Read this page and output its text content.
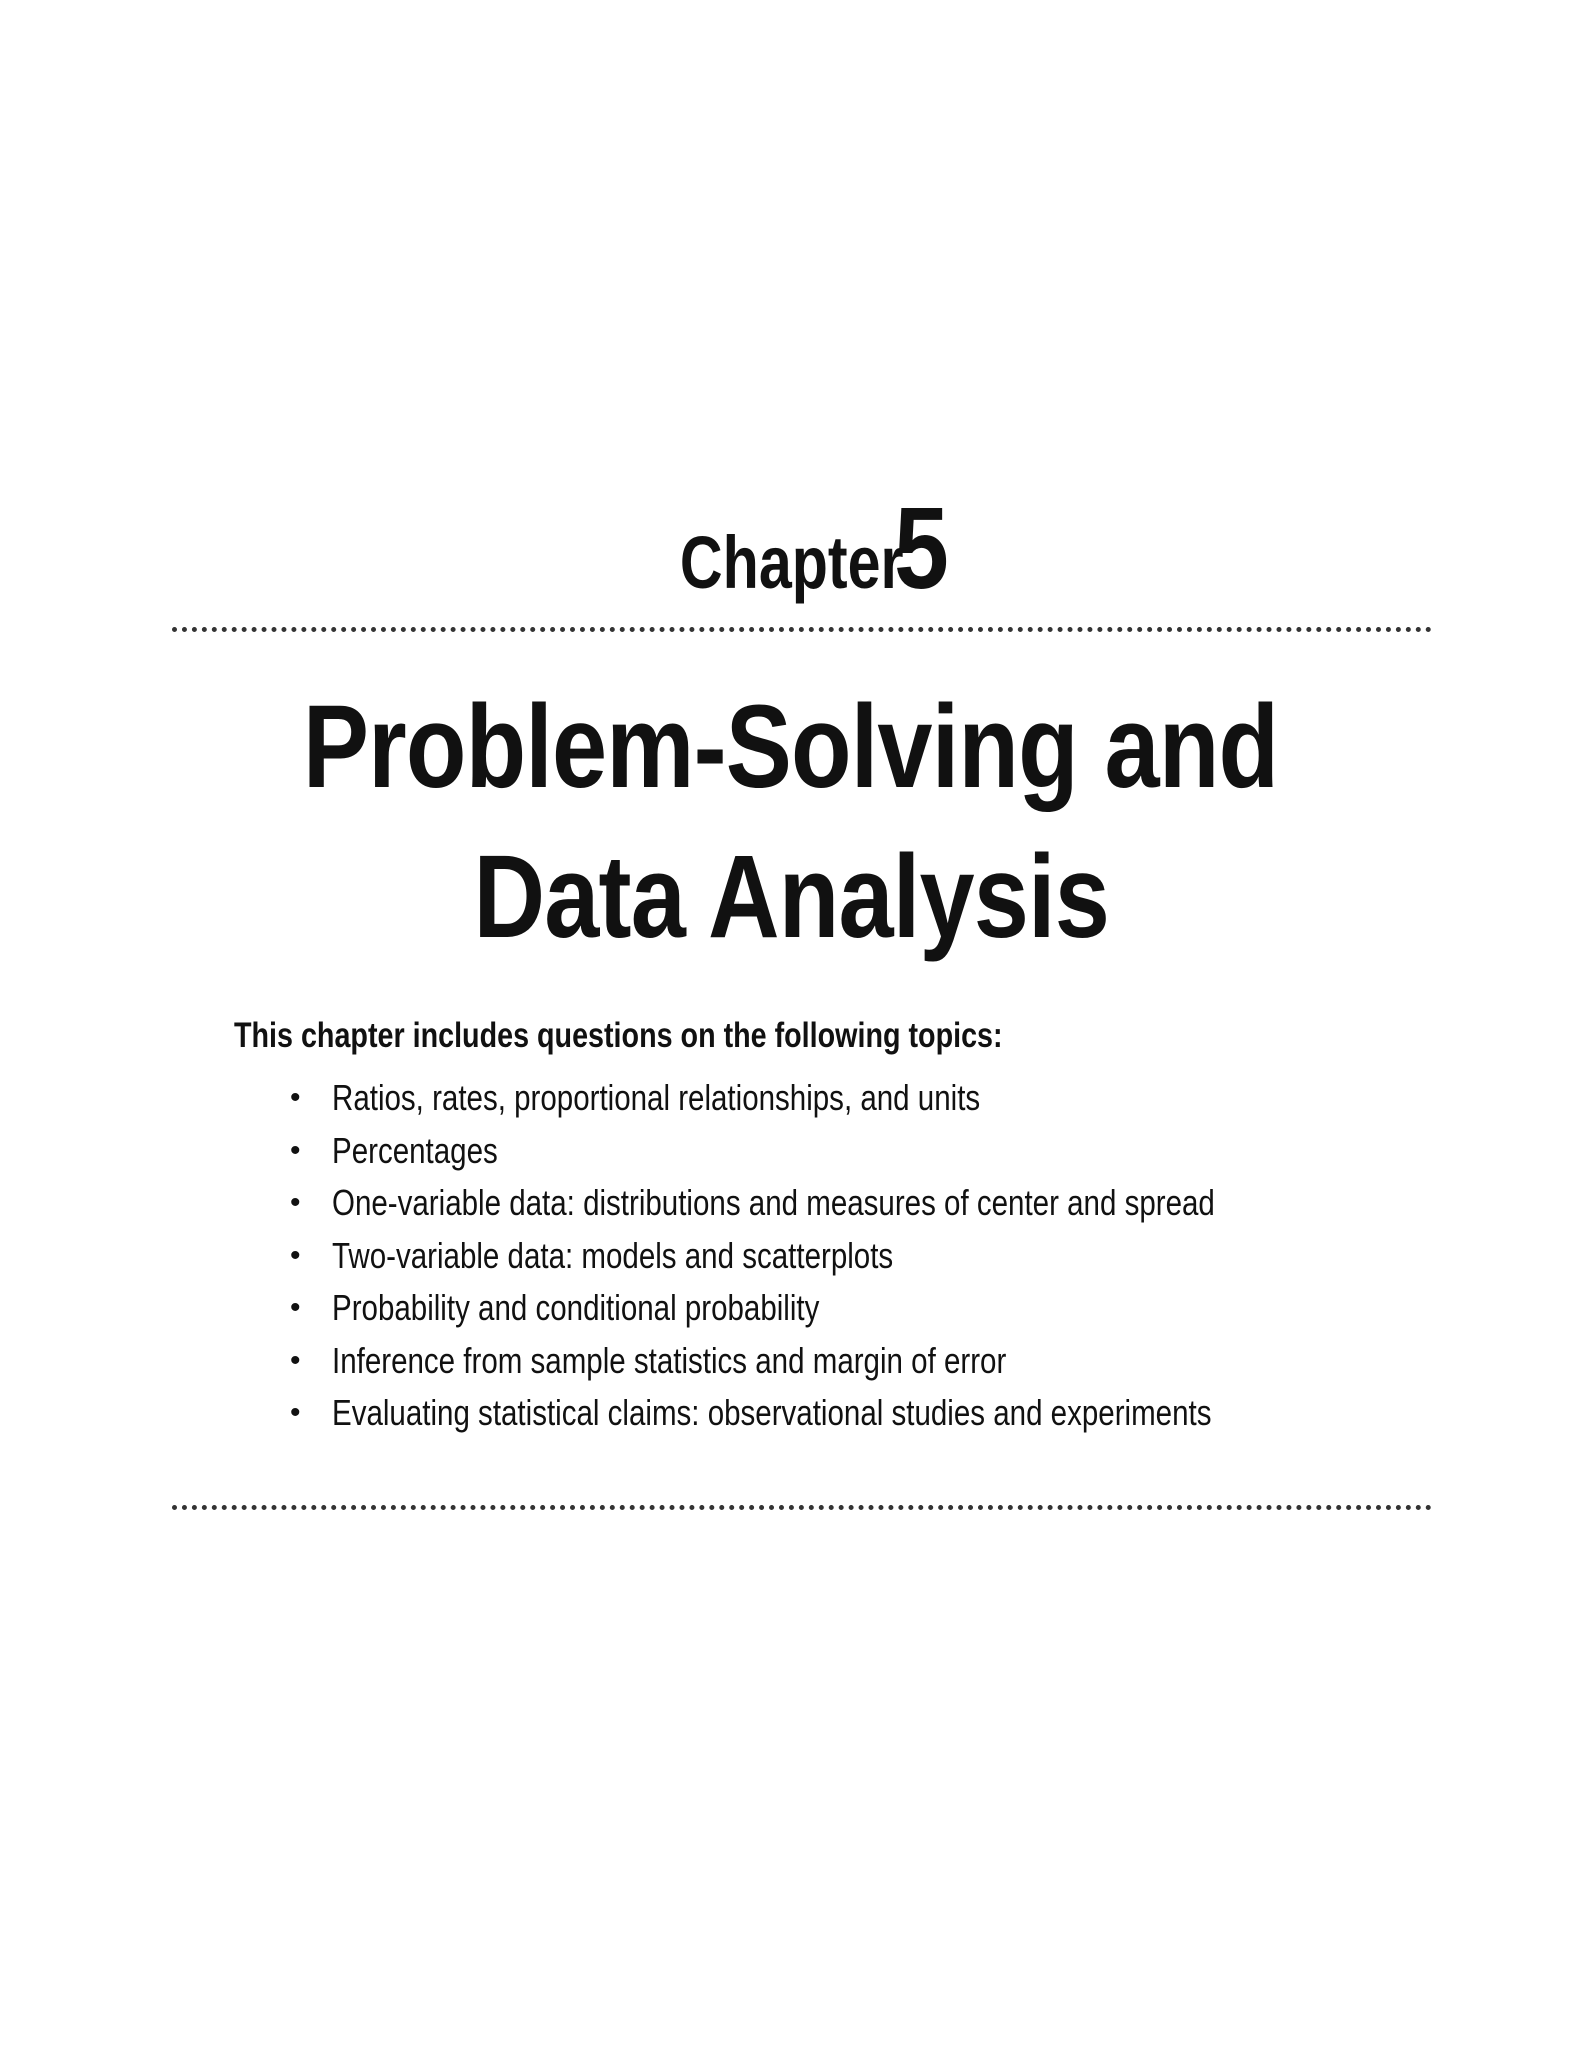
Chapter 5
Problem-Solving and
Data Analysis
This chapter includes questions on the following topics:
• Ratios, rates, proportional relationships, and units
• Percentages
• One-variable data: distributions and measures of center and spread
• Two-variable data: models and scatterplots
• Probability and conditional probability
• Inference from sample statistics and margin of error
• Evaluating statistical claims: observational studies and experiments
